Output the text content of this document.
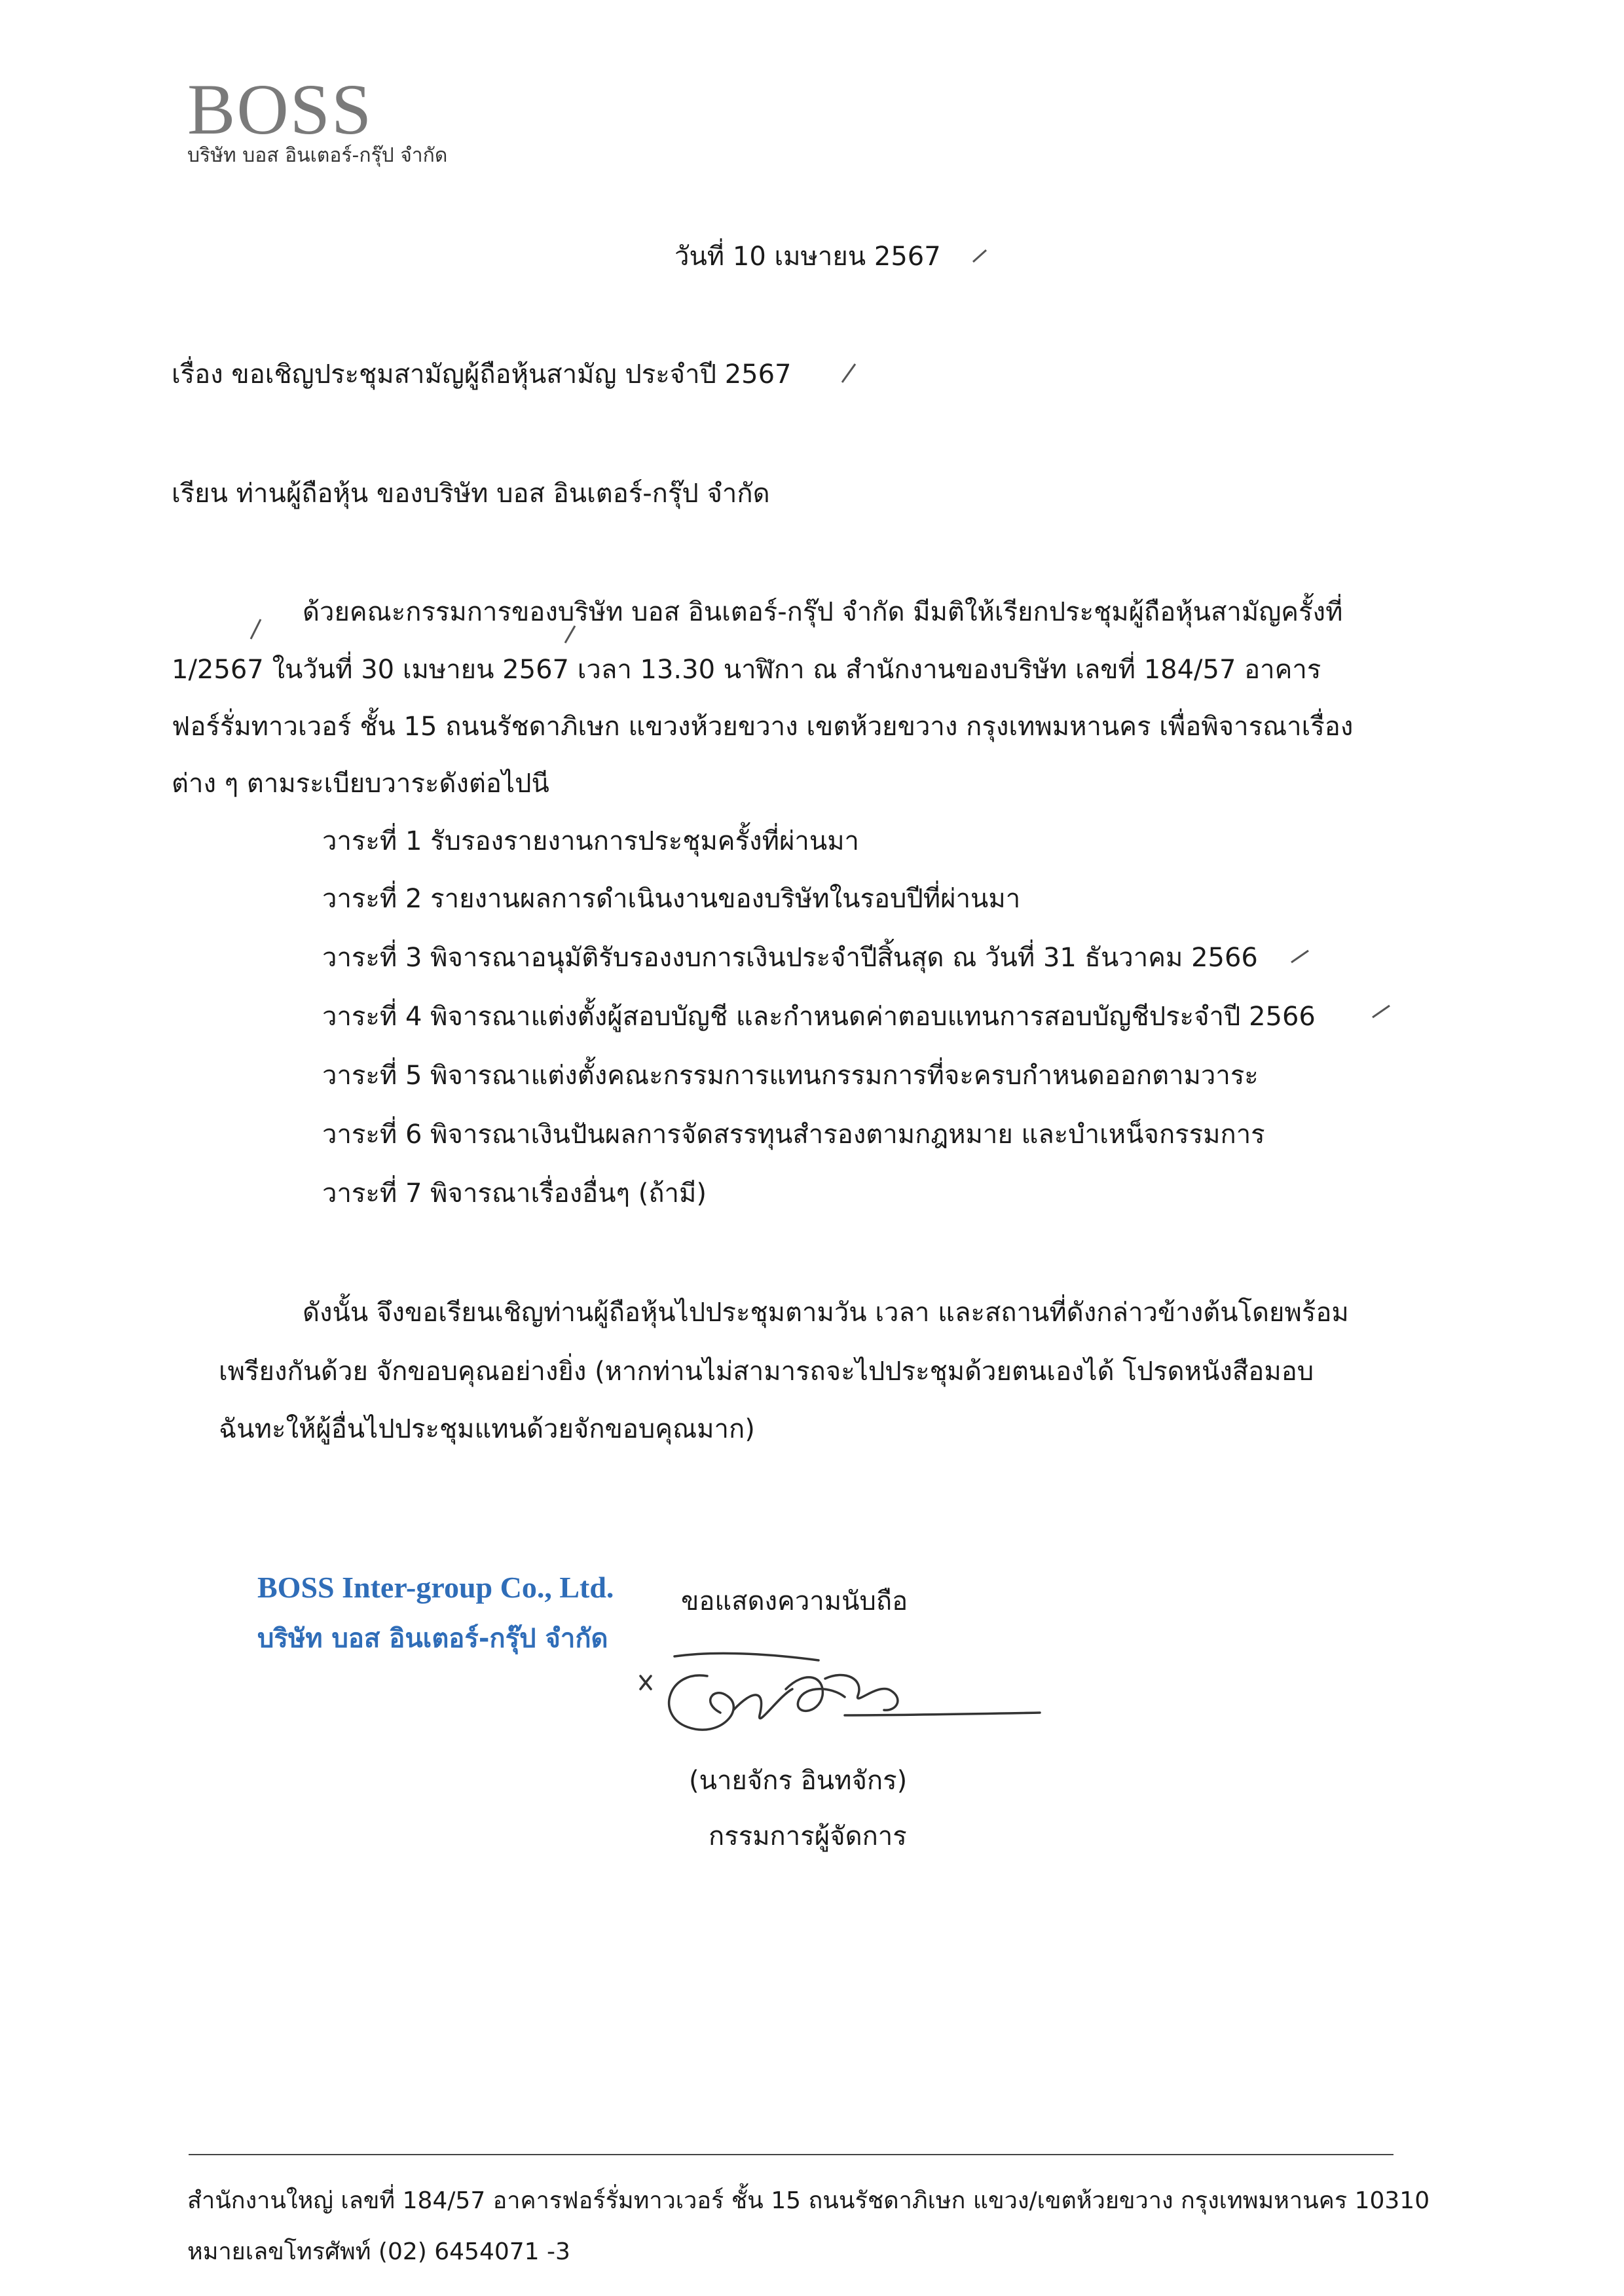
BOSS
บริษัท บอส อินเตอร์-กรุ๊ป จำกัด
วันที่ 10 เมษายน 2567
เรื่อง ขอเชิญประชุมสามัญผู้ถือหุ้นสามัญ ประจำปี 2567
เรียน ท่านผู้ถือหุ้น ของบริษัท บอส อินเตอร์-กรุ๊ป จำกัด
ด้วยคณะกรรมการของบริษัท บอส อินเตอร์-กรุ๊ป จำกัด มีมติให้เรียกประชุมผู้ถือหุ้นสามัญครั้งที่
1/2567 ในวันที่ 30 เมษายน 2567 เวลา 13.30 นาฬิกา ณ สำนักงานของบริษัท เลขที่ 184/57 อาคาร
ฟอร์รั่มทาวเวอร์ ชั้น 15 ถนนรัชดาภิเษก แขวงห้วยขวาง เขตห้วยขวาง กรุงเทพมหานคร เพื่อพิจารณาเรื่อง
ต่าง ๆ ตามระเบียบวาระดังต่อไปนี
วาระที่ 1 รับรองรายงานการประชุมครั้งที่ผ่านมา
วาระที่ 2 รายงานผลการดำเนินงานของบริษัทในรอบปีที่ผ่านมา
วาระที่ 3 พิจารณาอนุมัติรับรองงบการเงินประจำปีสิ้นสุด ณ วันที่ 31 ธันวาคม 2566
วาระที่ 4 พิจารณาแต่งตั้งผู้สอบบัญชี และกำหนดค่าตอบแทนการสอบบัญชีประจำปี 2566
วาระที่ 5 พิจารณาแต่งตั้งคณะกรรมการแทนกรรมการที่จะครบกำหนดออกตามวาระ
วาระที่ 6 พิจารณาเงินปันผลการจัดสรรทุนสำรองตามกฎหมาย และบำเหน็จกรรมการ
วาระที่ 7 พิจารณาเรื่องอื่นๆ (ถ้ามี)
ดังนั้น จึงขอเรียนเชิญท่านผู้ถือหุ้นไปประชุมตามวัน เวลา และสถานที่ดังกล่าวข้างต้นโดยพร้อม
เพรียงกันด้วย จักขอบคุณอย่างยิ่ง (หากท่านไม่สามารถจะไปประชุมด้วยตนเองได้ โปรดหนังสือมอบ
ฉันทะให้ผู้อื่นไปประชุมแทนด้วยจักขอบคุณมาก)
BOSS Inter-group Co., Ltd.
บริษัท บอส อินเตอร์-กรุ๊ป จำกัด
ขอแสดงความนับถือ
(นายจักร อินทจักร)
กรรมการผู้จัดการ
สำนักงานใหญ่ เลขที่ 184/57 อาคารฟอร์รั่มทาวเวอร์ ชั้น 15 ถนนรัชดาภิเษก แขวง/เขตห้วยขวาง กรุงเทพมหานคร 10310
หมายเลขโทรศัพท์ (02) 6454071 -3
